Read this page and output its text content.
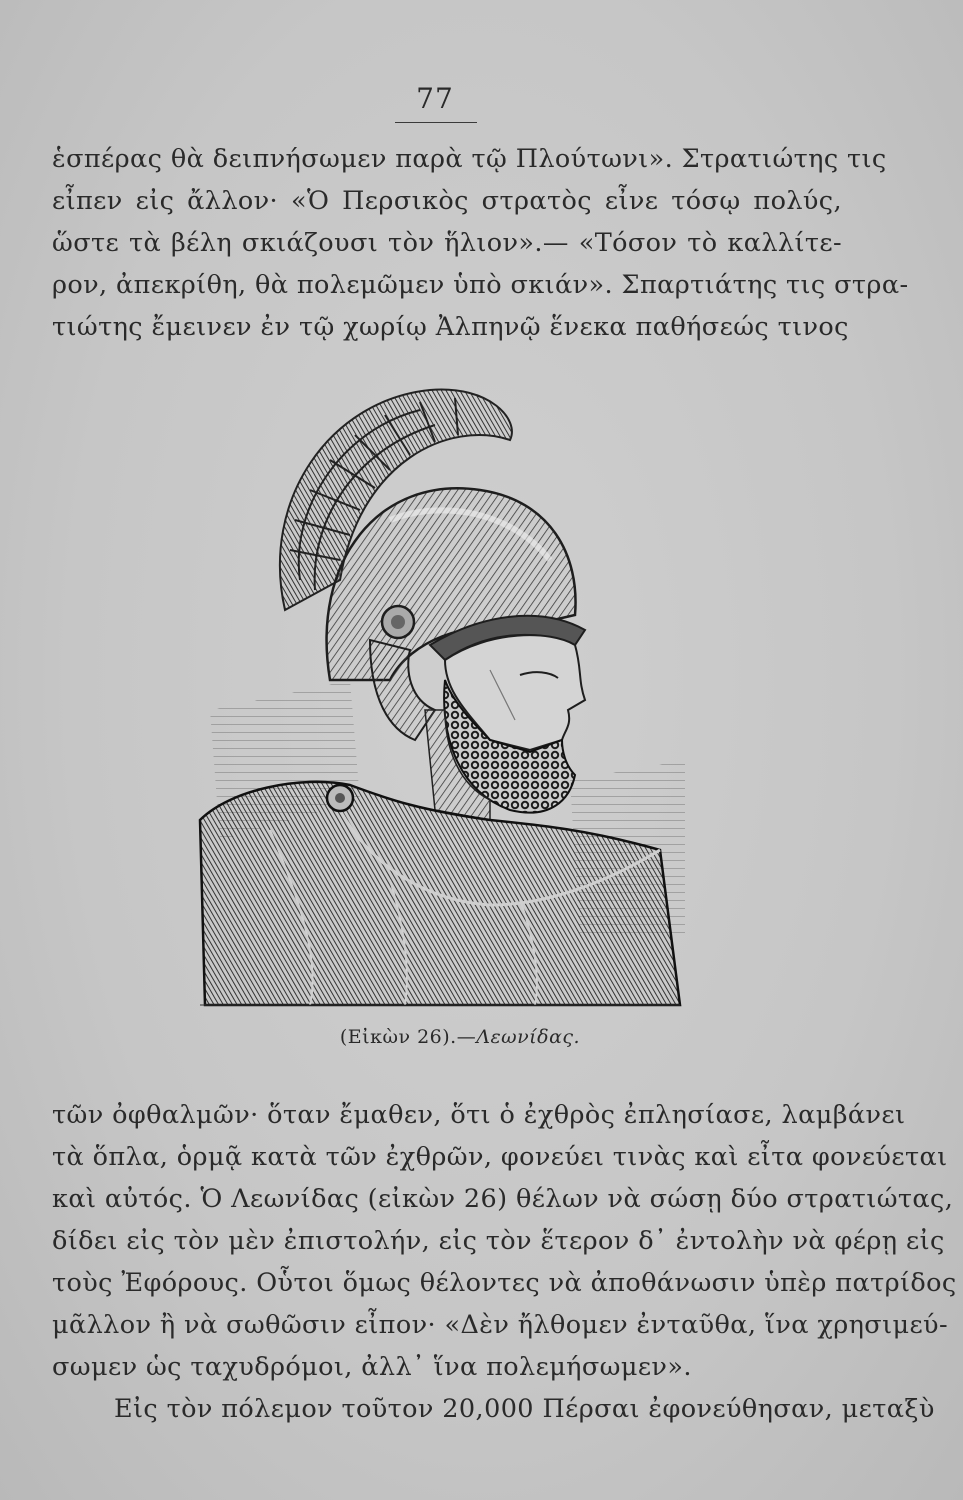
77
ἑσπέρας θὰ δειπνήσωμεν παρὰ τῷ Πλούτωνι». Στρατιώτης τις
εἶπεν εἰς ἄλλον· «Ὁ Περσικὸς στρατὸς εἶνε τόσῳ πολύς,
ὥστε τὰ βέλη σκιάζουσι τὸν ἥλιον».— «Τόσον τὸ καλλίτε-
ρον, ἀπεκρίθη, θὰ πολεμῶμεν ὑπὸ σκιάν». Σπαρτιάτης τις στρα-
τιώτης ἔμεινεν ἐν τῷ χωρίῳ Ἀλπηνῷ ἕνεκα παθήσεώς τινος
(Εἰκὼν 26).—Λεωνίδας.
τῶν ὀφθαλμῶν· ὅταν ἔμαθεν, ὅτι ὁ ἐχθρὸς ἐπλησίασε, λαμβάνει
τὰ ὅπλα, ὁρμᾷ κατὰ τῶν ἐχθρῶν, φονεύει τινὰς καὶ εἶτα φονεύεται
καὶ αὐτός. Ὁ Λεωνίδας (εἰκὼν 26) θέλων νὰ σώσῃ δύο στρατιώτας,
δίδει εἰς τὸν μὲν ἐπιστολήν, εἰς τὸν ἕτερον δ᾽ ἐντολὴν νὰ φέρῃ εἰς
τοὺς Ἐφόρους. Οὗτοι ὅμως θέλοντες νὰ ἀποθάνωσιν ὑπὲρ πατρίδος
μᾶλλον ἢ νὰ σωθῶσιν εἶπον· «Δὲν ἤλθομεν ἐνταῦθα, ἵνα χρησιμεύ-
σωμεν ὡς ταχυδρόμοι, ἀλλ᾽ ἵνα πολεμήσωμεν».
Εἰς τὸν πόλεμον τοῦτον 20,000 Πέρσαι ἐφονεύθησαν, μεταξὺ
